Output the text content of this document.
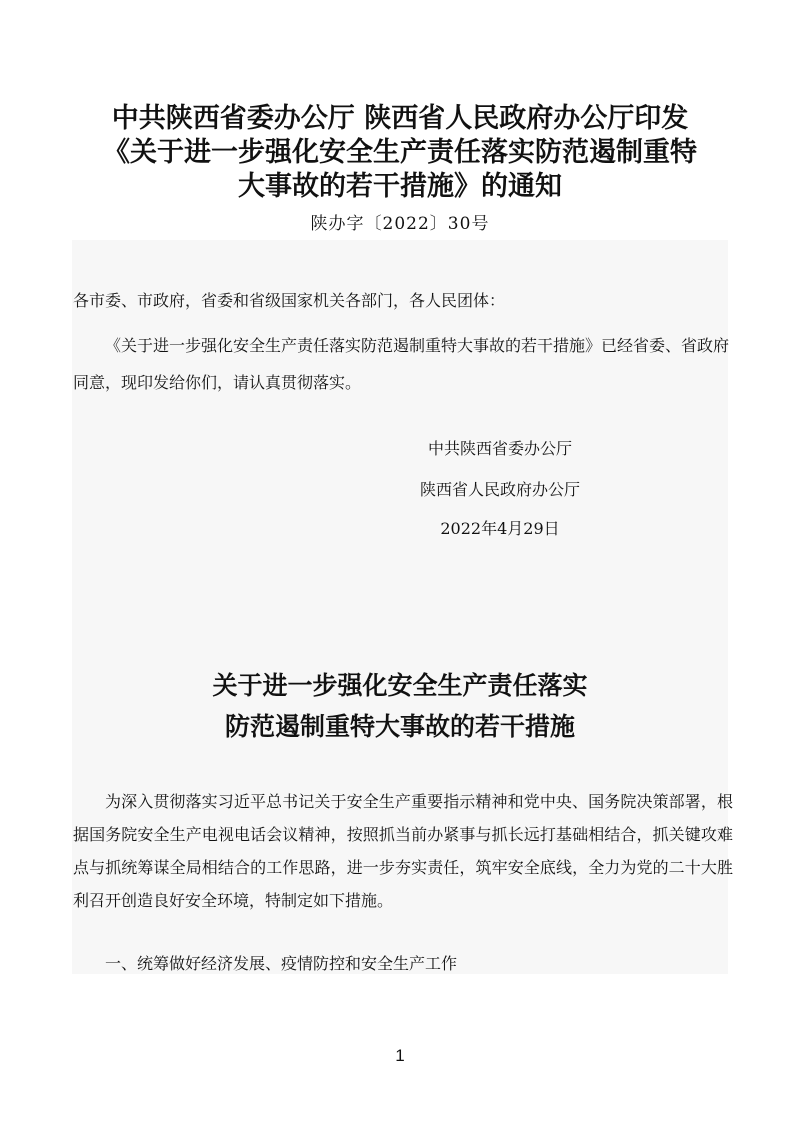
中共陕西省委办公厅 陕西省人民政府办公厅印发
《关于进一步强化安全生产责任落实防范遏制重特
大事故的若干措施》的通知
陕办字〔2022〕30号
各市委、市政府，省委和省级国家机关各部门，各人民团体：

《关于进一步强化安全生产责任落实防范遏制重特大事故的若干措施》已经省委、省政府同意，现印发给你们，请认真贯彻落实。

中共陕西省委办公厅
陕西省人民政府办公厅
2022年4月29日
关于进一步强化安全生产责任落实
防范遏制重特大事故的若干措施

为深入贯彻落实习近平总书记关于安全生产重要指示精神和党中央、国务院决策部署，根据国务院安全生产电视电话会议精神，按照抓当前办紧事与抓长远打基础相结合，抓关键攻难点与抓统筹谋全局相结合的工作思路，进一步夯实责任，筑牢安全底线，全力为党的二十大胜利召开创造良好安全环境，特制定如下措施。

一、统筹做好经济发展、疫情防控和安全生产工作
1
